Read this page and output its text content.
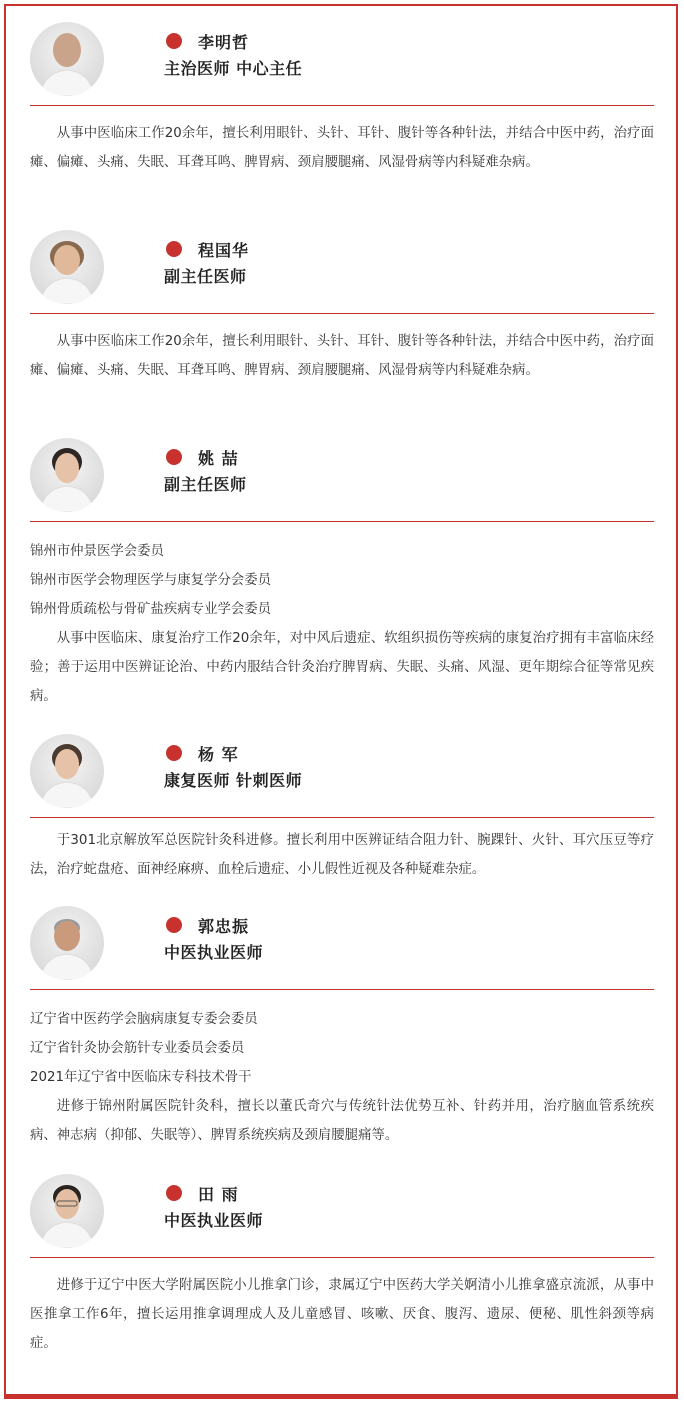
李明哲
主治医师 中心主任

从事中医临床工作20余年，擅长利用眼针、头针、耳针、腹针等各种针法，并结合中医中药，治疗面瘫、偏瘫、头痛、失眠、耳聋耳鸣、脾胃病、颈肩腰腿痛、风湿骨病等内科疑难杂病。

程国华
副主任医师

从事中医临床工作20余年，擅长利用眼针、头针、耳针、腹针等各种针法，并结合中医中药，治疗面瘫、偏瘫、头痛、失眠、耳聋耳鸣、脾胃病、颈肩腰腿痛、风湿骨病等内科疑难杂病。

姚 喆
副主任医师

锦州市仲景医学会委员

锦州市医学会物理医学与康复学分会委员

锦州骨质疏松与骨矿盐疾病专业学会委员

从事中医临床、康复治疗工作20余年，对中风后遗症、软组织损伤等疾病的康复治疗拥有丰富临床经验；善于运用中医辨证论治、中药内服结合针灸治疗脾胃病、失眠、头痛、风湿、更年期综合征等常见疾病。

杨 军
康复医师 针刺医师

于301北京解放军总医院针灸科进修。擅长利用中医辨证结合阻力针、腕踝针、火针、耳穴压豆等疗法，治疗蛇盘疮、面神经麻痹、血栓后遗症、小儿假性近视及各种疑难杂症。

郭忠振
中医执业医师

辽宁省中医药学会脑病康复专委会委员

辽宁省针灸协会筋针专业委员会委员

2021年辽宁省中医临床专科技术骨干

进修于锦州附属医院针灸科，擅长以董氏奇穴与传统针法优势互补、针药并用，治疗脑血管系统疾病、神志病（抑郁、失眠等）、脾胃系统疾病及颈肩腰腿痛等。

田 雨
中医执业医师

进修于辽宁中医大学附属医院小儿推拿门诊，隶属辽宁中医药大学关婀清小儿推拿盛京流派，从事中医推拿工作6年，擅长运用推拿调理成人及儿童感冒、咳嗽、厌食、腹泻、遗尿、便秘、肌性斜颈等病症。
